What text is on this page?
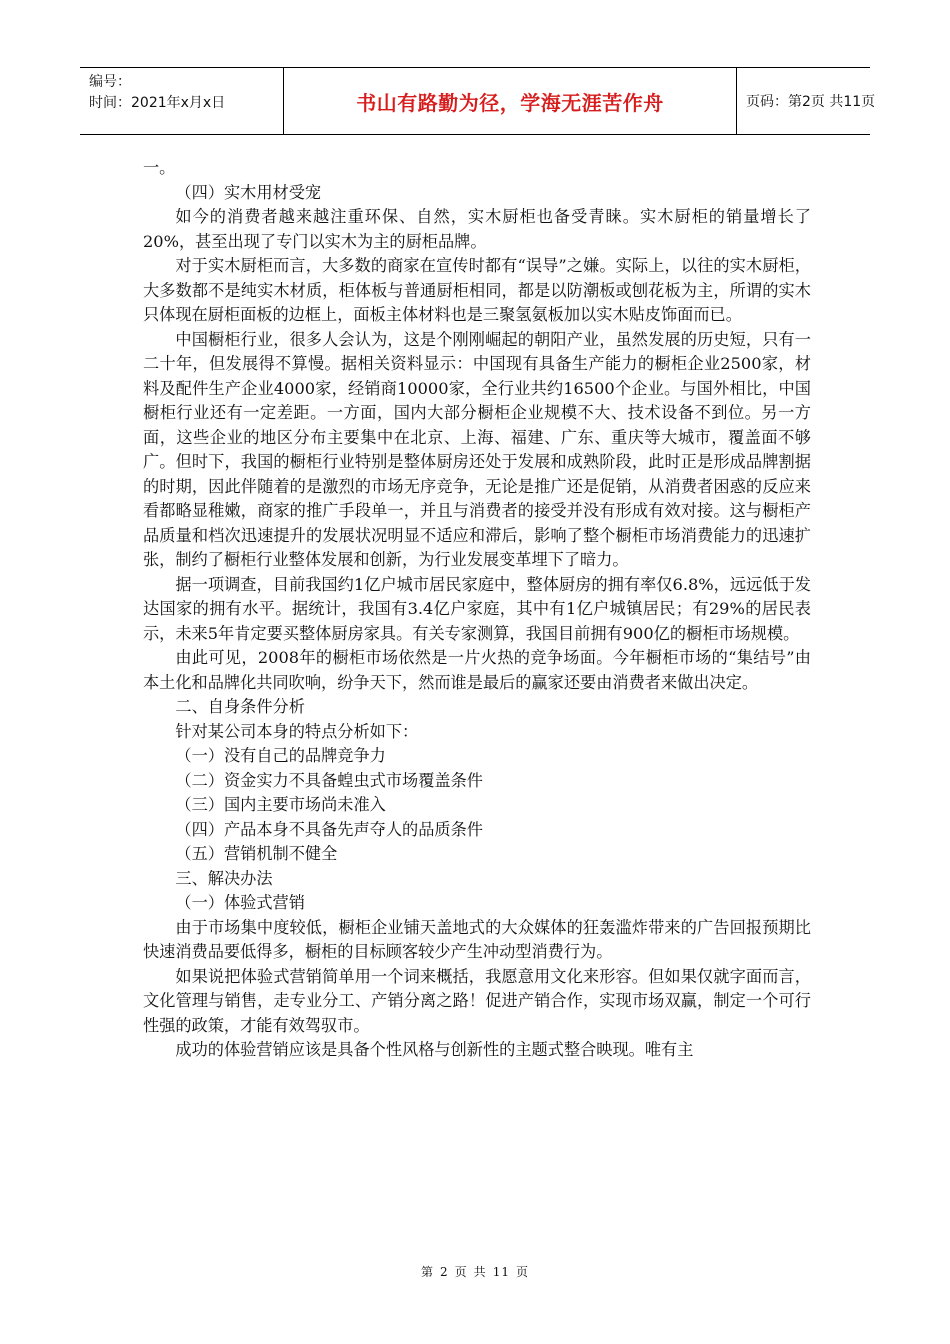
编号：
时间：2021年x月x日	书山有路勤为径，学海无涯苦作舟	页码：第2页 共11页

一。

（四）实木用材受宠

如今的消费者越来越注重环保、自然，实木厨柜也备受青睐。实木厨柜的销量增长了20%，甚至出现了专门以实木为主的厨柜品牌。

对于实木厨柜而言，大多数的商家在宣传时都有“误导”之嫌。实际上，以往的实木厨柜，大多数都不是纯实木材质，柜体板与普通厨柜相同，都是以防潮板或刨花板为主，所谓的实木只体现在厨柜面板的边框上，面板主体材料也是三聚氢氨板加以实木贴皮饰面而已。

中国橱柜行业，很多人会认为，这是个刚刚崛起的朝阳产业，虽然发展的历史短，只有一二十年，但发展得不算慢。据相关资料显示：中国现有具备生产能力的橱柜企业2500家，材料及配件生产企业4000家，经销商10000家，全行业共约16500个企业。与国外相比，中国橱柜行业还有一定差距。一方面，国内大部分橱柜企业规模不大、技术设备不到位。另一方面，这些企业的地区分布主要集中在北京、上海、福建、广东、重庆等大城市，覆盖面不够广。但时下，我国的橱柜行业特别是整体厨房还处于发展和成熟阶段，此时正是形成品牌割据的时期，因此伴随着的是激烈的市场无序竞争，无论是推广还是促销，从消费者困惑的反应来看都略显稚嫩，商家的推广手段单一，并且与消费者的接受并没有形成有效对接。这与橱柜产品质量和档次迅速提升的发展状况明显不适应和滞后，影响了整个橱柜市场消费能力的迅速扩张，制约了橱柜行业整体发展和创新，为行业发展变革埋下了暗力。

据一项调查，目前我国约1亿户城市居民家庭中，整体厨房的拥有率仅6.8%，远远低于发达国家的拥有水平。据统计，我国有3.4亿户家庭，其中有1亿户城镇居民；有29%的居民表示，未来5年肯定要买整体厨房家具。有关专家测算，我国目前拥有900亿的橱柜市场规模。

由此可见，2008年的橱柜市场依然是一片火热的竞争场面。今年橱柜市场的“集结号”由本土化和品牌化共同吹响，纷争天下，然而谁是最后的赢家还要由消费者来做出决定。

二、自身条件分析

针对某公司本身的特点分析如下：

（一）没有自己的品牌竞争力

（二）资金实力不具备蝗虫式市场覆盖条件

（三）国内主要市场尚未准入

（四）产品本身不具备先声夺人的品质条件

（五）营销机制不健全

三、解决办法

（一）体验式营销

由于市场集中度较低，橱柜企业铺天盖地式的大众媒体的狂轰滥炸带来的广告回报预期比快速消费品要低得多，橱柜的目标顾客较少产生冲动型消费行为。

如果说把体验式营销简单用一个词来概括，我愿意用文化来形容。但如果仅就字面而言，文化管理与销售，走专业分工、产销分离之路！促进产销合作，实现市场双赢，制定一个可行性强的政策，才能有效驾驭市。

成功的体验营销应该是具备个性风格与创新性的主题式整合映现。唯有主

第 2 页 共 11 页
